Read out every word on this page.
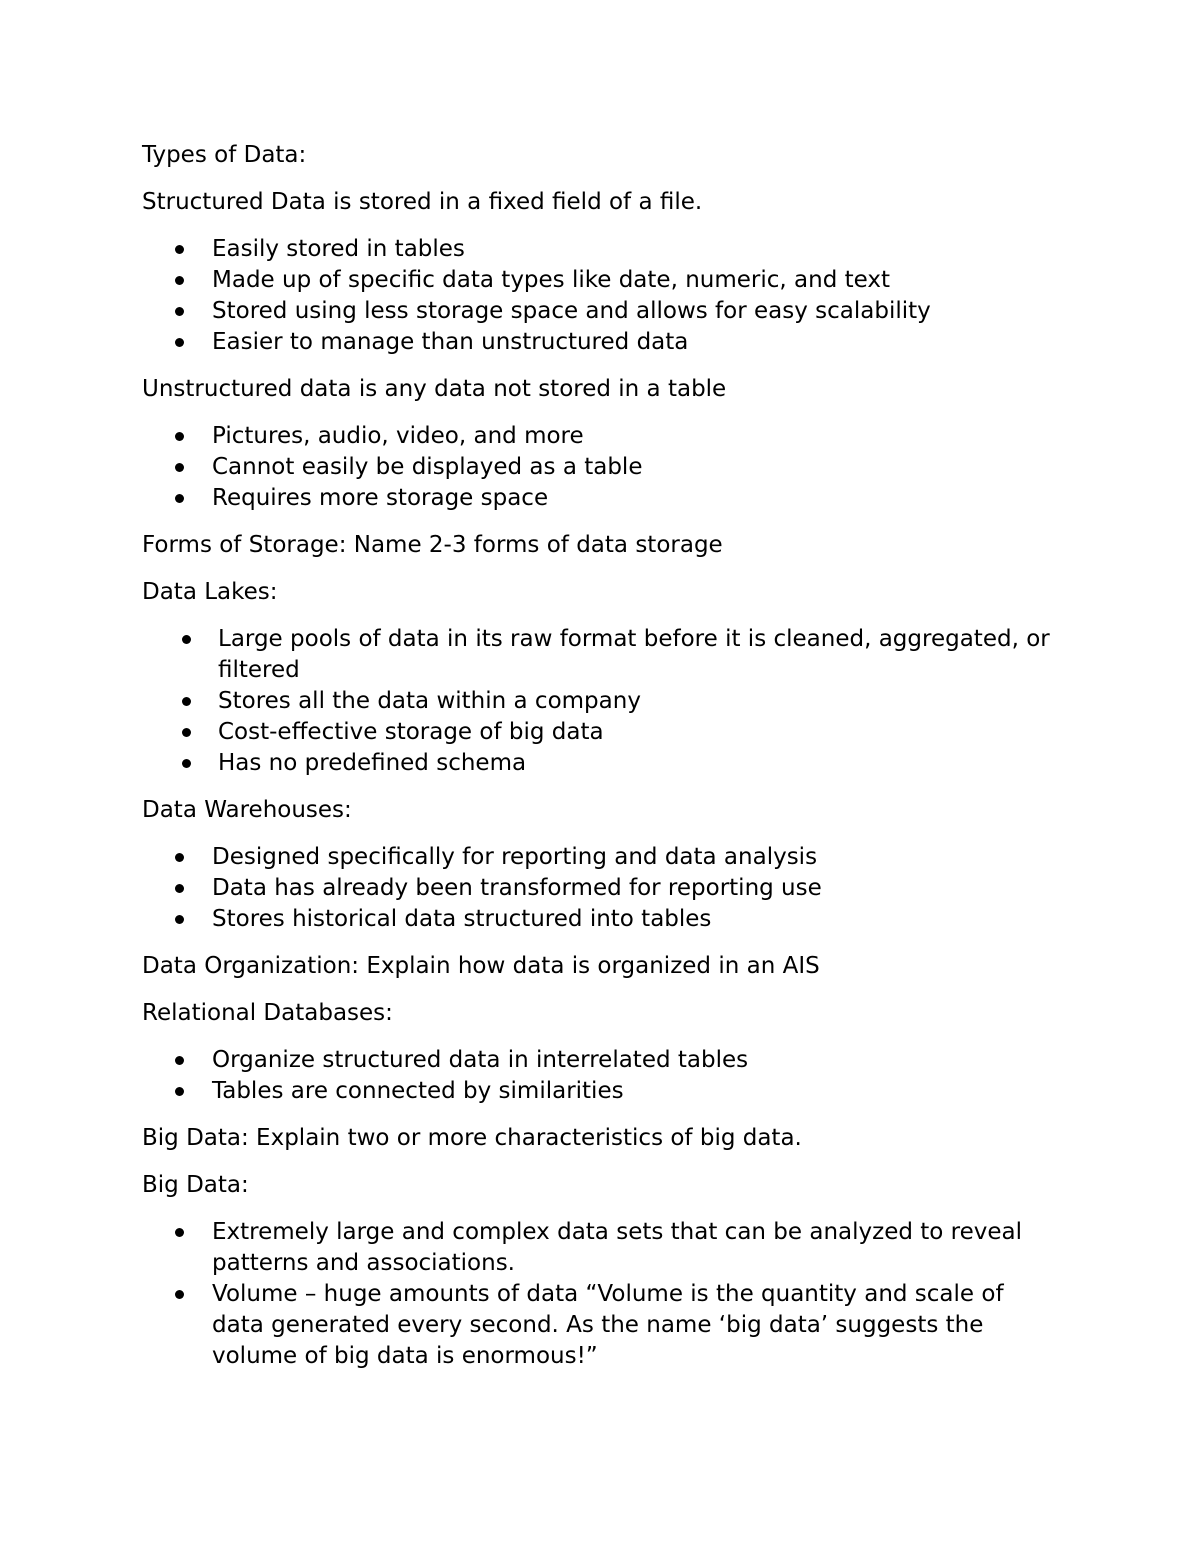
Types of Data:

Structured Data is stored in a fixed field of a file.

Easily stored in tables
Made up of specific data types like date, numeric, and text
Stored using less storage space and allows for easy scalability
Easier to manage than unstructured data

Unstructured data is any data not stored in a table

Pictures, audio, video, and more
Cannot easily be displayed as a table
Requires more storage space

Forms of Storage: Name 2-3 forms of data storage

Data Lakes:

Large pools of data in its raw format before it is cleaned, aggregated, or filtered
Stores all the data within a company
Cost-effective storage of big data
Has no predefined schema

Data Warehouses:

Designed specifically for reporting and data analysis
Data has already been transformed for reporting use
Stores historical data structured into tables

Data Organization: Explain how data is organized in an AIS

Relational Databases:

Organize structured data in interrelated tables
Tables are connected by similarities

Big Data: Explain two or more characteristics of big data.

Big Data:

Extremely large and complex data sets that can be analyzed to reveal patterns and associations.
Volume – huge amounts of data “Volume is the quantity and scale of data generated every second. As the name ‘big data’ suggests the volume of big data is enormous!”
